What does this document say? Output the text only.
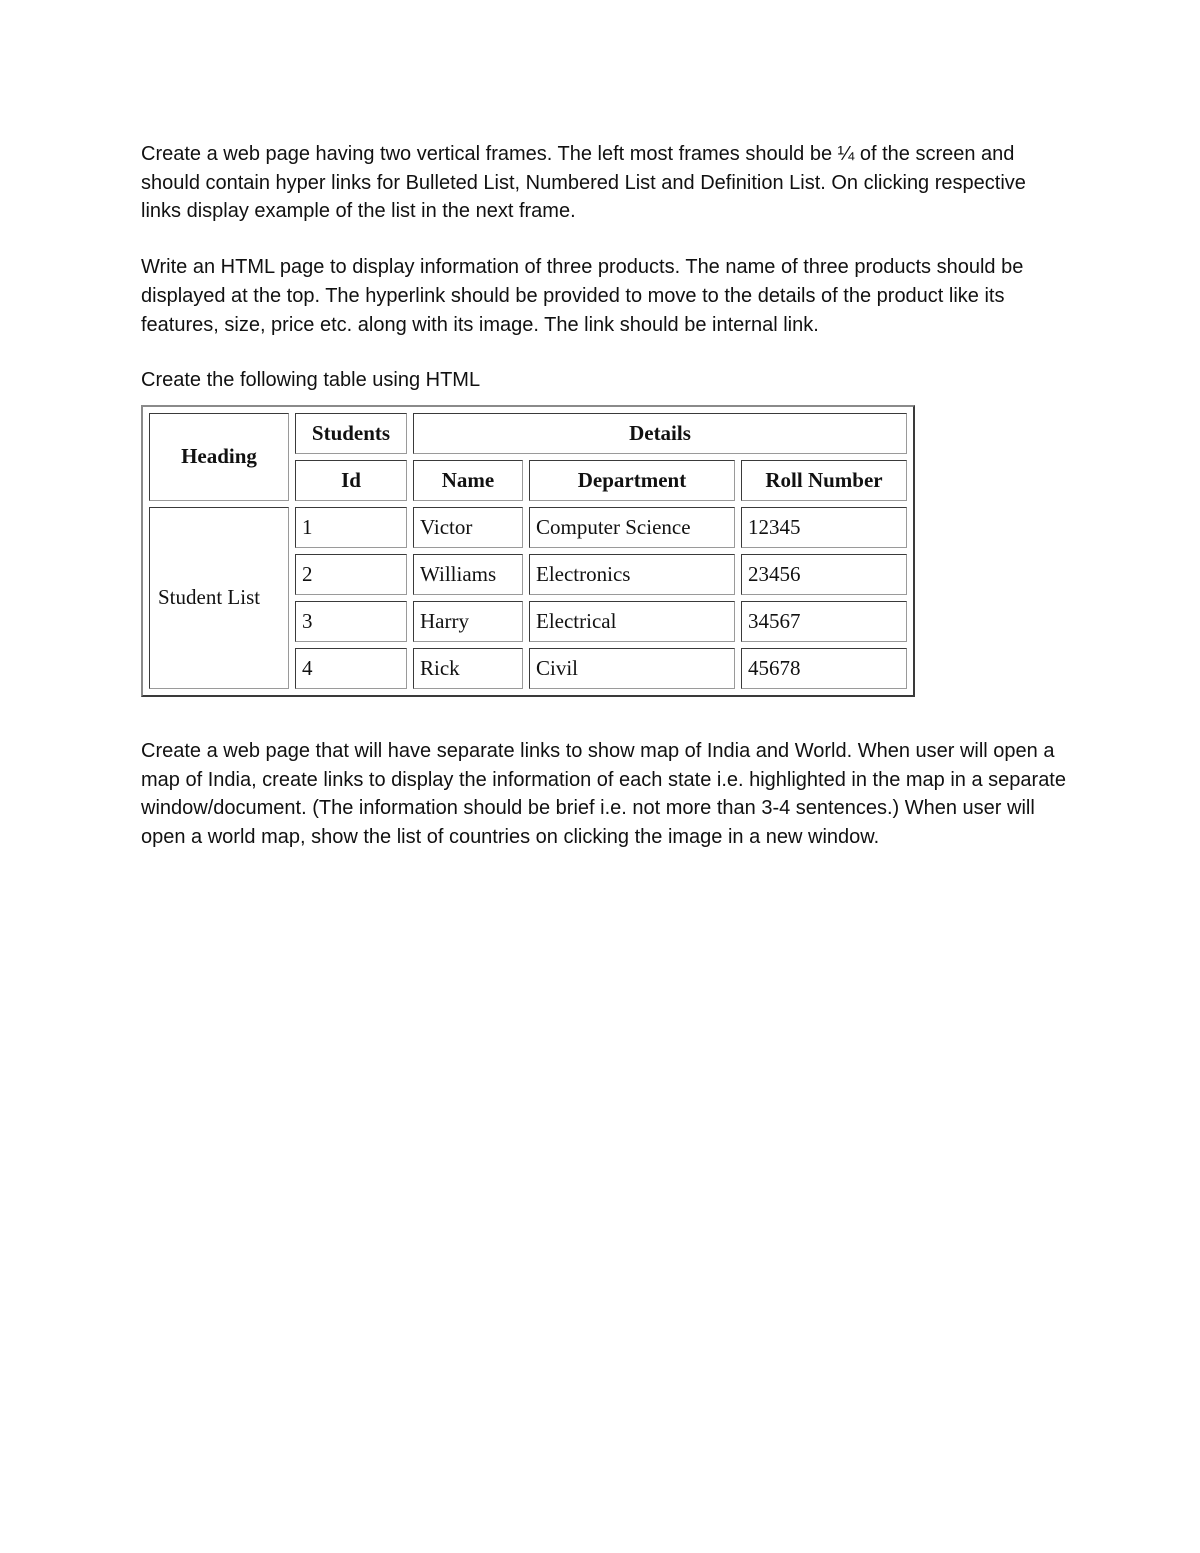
Create a web page having two vertical frames. The left most frames should be ¼ of the screen and should contain hyper links for Bulleted List, Numbered List and Definition List. On clicking respective links display example of the list in the next frame.

Write an HTML page to display information of three products. The name of three products should be displayed at the top. The hyperlink should be provided to move to the details of the product like its features, size, price etc. along with its image. The link should be internal link.

Create the following table using HTML

Heading	Students	Details		
	Id	Name	Department	Roll Number
Student List	1	Victor	Computer Science	12345
	2	Williams	Electronics	23456
	3	Harry	Electrical	34567
	4	Rick	Civil	45678

Create a web page that will have separate links to show map of India and World. When user will open a map of India, create links to display the information of each state i.e. highlighted in the map in a separate window/document. (The information should be brief i.e. not more than 3-4 sentences.) When user will open a world map, show the list of countries on clicking the image in a new window.
